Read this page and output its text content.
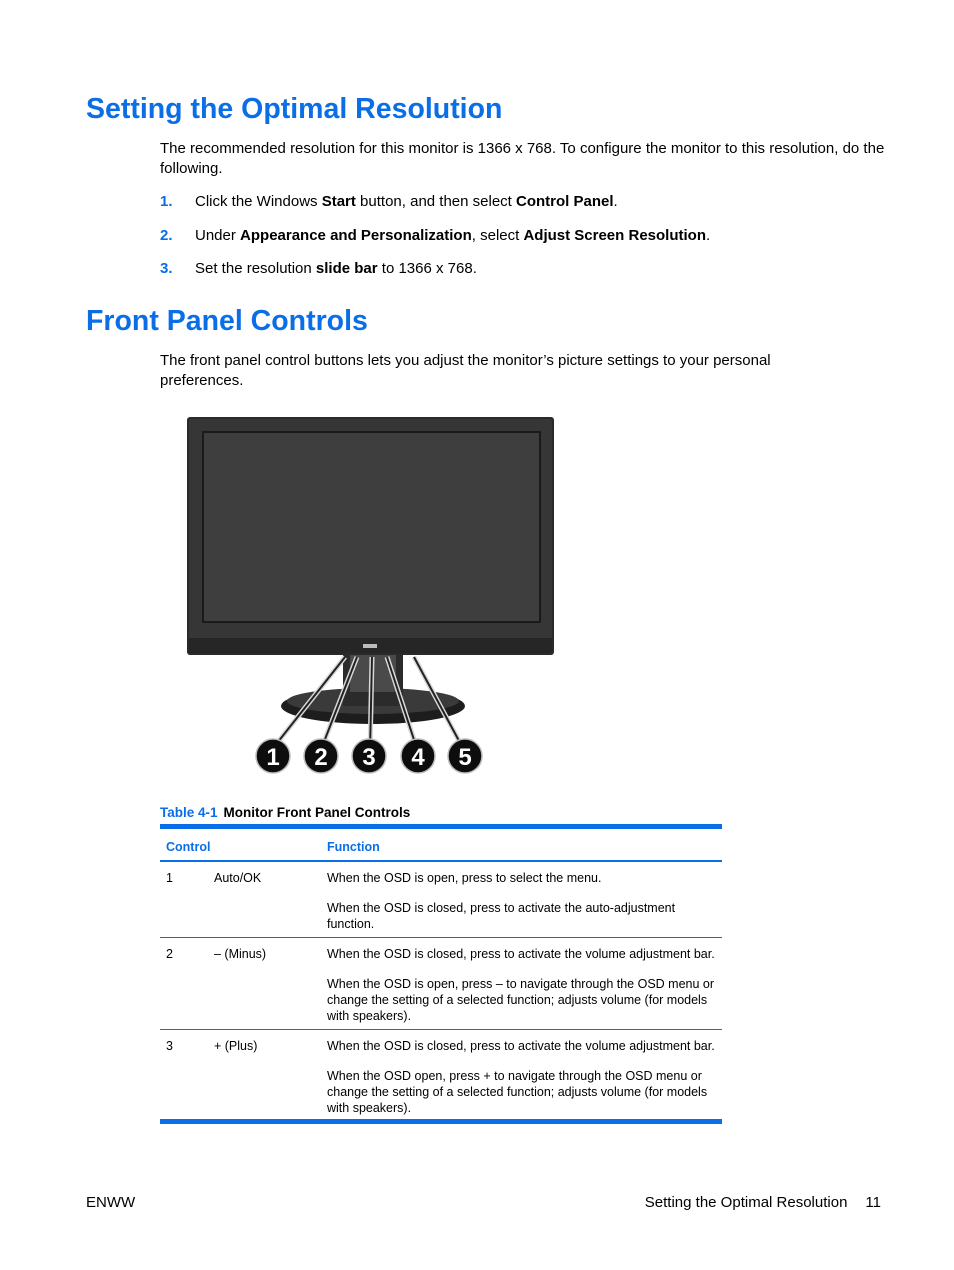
Setting the Optimal Resolution

The recommended resolution for this monitor is 1366 x 768. To configure the monitor to this resolution, do the following.

1. Click the Windows Start button, and then select Control Panel.
2. Under Appearance and Personalization, select Adjust Screen Resolution.
3. Set the resolution slide bar to 1366 x 768.
Front Panel Controls

The front panel control buttons lets you adjust the monitor’s picture settings to your personal preferences.

1 2 3 4 5
Table 4-1 Monitor Front Panel Controls
Control	Function
1	Auto/OK	When the OSD is open, press to select the menu.

When the OSD is closed, press to activate the auto-adjustment function.

2	– (Minus)	When the OSD is closed, press to activate the volume adjustment bar.

When the OSD is open, press – to navigate through the OSD menu or change the setting of a selected function; adjusts volume (for models with speakers).

3	+ (Plus)	When the OSD is closed, press to activate the volume adjustment bar.

When the OSD open, press + to navigate through the OSD menu or change the setting of a selected function; adjusts volume (for models with speakers).

ENWW	Setting the Optimal Resolution 11
